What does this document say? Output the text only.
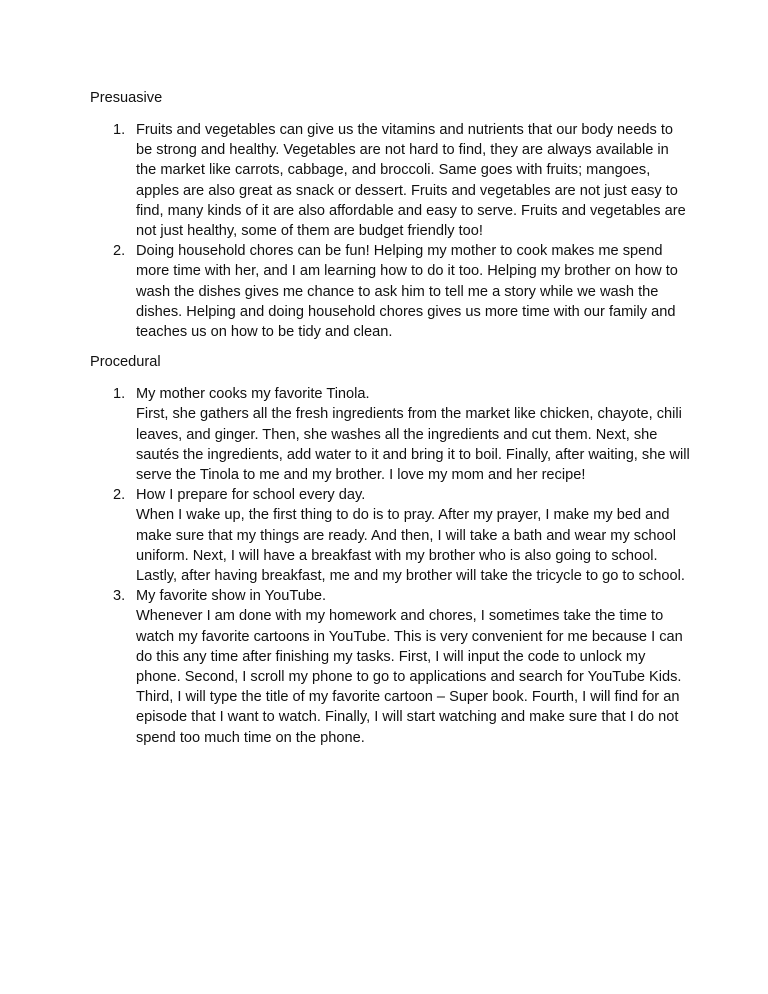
Presuasive

1. Fruits and vegetables can give us the vitamins and nutrients that our body needs to be strong and healthy. Vegetables are not hard to find, they are always available in the market like carrots, cabbage, and broccoli. Same goes with fruits; mangoes, apples are also great as snack or dessert. Fruits and vegetables are not just easy to find, many kinds of it are also affordable and easy to serve. Fruits and vegetables are not just healthy, some of them are budget friendly too!
2. Doing household chores can be fun! Helping my mother to cook makes me spend more time with her, and I am learning how to do it too. Helping my brother on how to wash the dishes gives me chance to ask him to tell me a story while we wash the dishes. Helping and doing household chores gives us more time with our family and teaches us on how to be tidy and clean.

Procedural

1. My mother cooks my favorite Tinola.
First, she gathers all the fresh ingredients from the market like chicken, chayote, chili leaves, and ginger. Then, she washes all the ingredients and cut them. Next, she sautés the ingredients, add water to it and bring it to boil. Finally, after waiting, she will serve the Tinola to me and my brother. I love my mom and her recipe!
2. How I prepare for school every day.
When I wake up, the first thing to do is to pray. After my prayer, I make my bed and make sure that my things are ready. And then, I will take a bath and wear my school uniform. Next, I will have a breakfast with my brother who is also going to school. Lastly, after having breakfast, me and my brother will take the tricycle to go to school.
3. My favorite show in YouTube.
Whenever I am done with my homework and chores, I sometimes take the time to watch my favorite cartoons in YouTube. This is very convenient for me because I can do this any time after finishing my tasks. First, I will input the code to unlock my phone. Second, I scroll my phone to go to applications and search for YouTube Kids. Third, I will type the title of my favorite cartoon – Super book. Fourth, I will find for an episode that I want to watch. Finally, I will start watching and make sure that I do not spend too much time on the phone.
